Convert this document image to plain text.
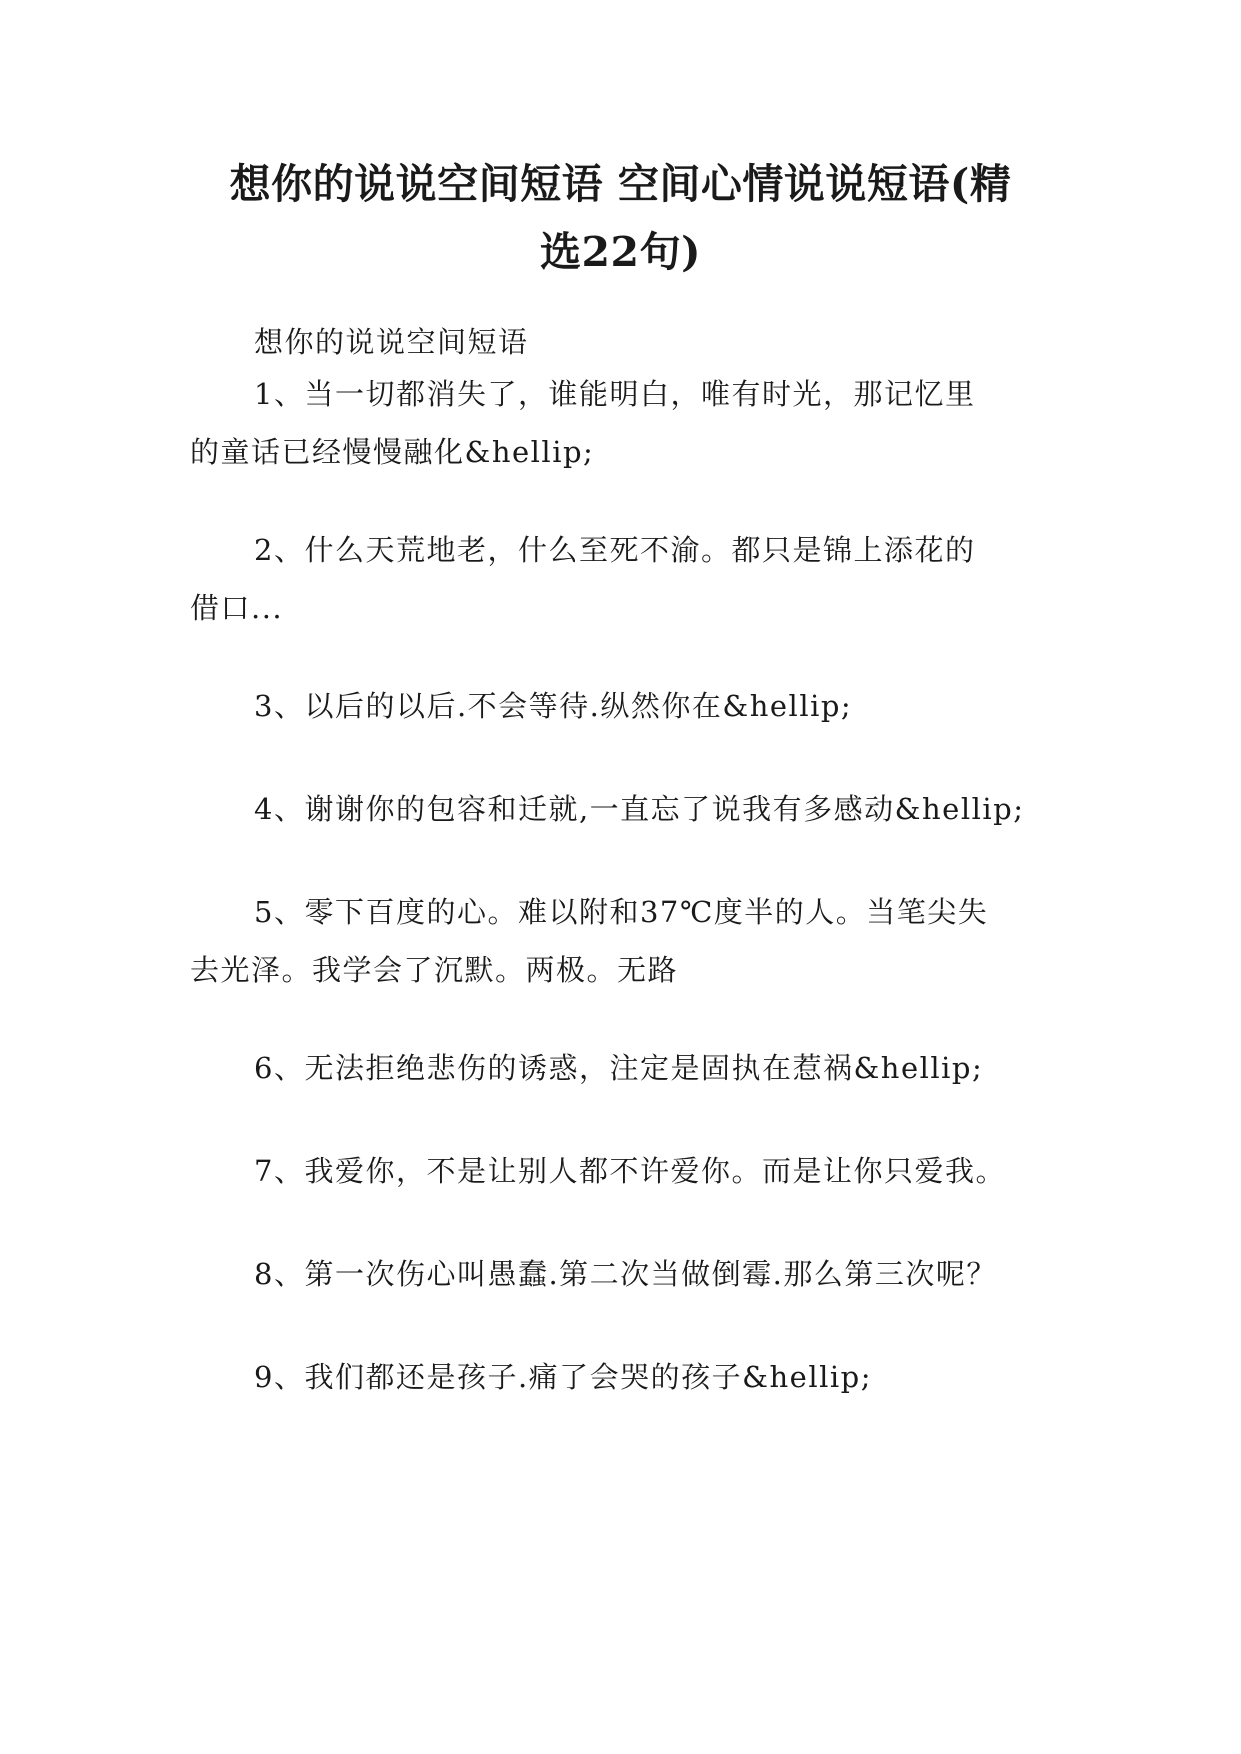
想你的说说空间短语 空间心情说说短语(精
选22句)
想你的说说空间短语
1、当一切都消失了，谁能明白，唯有时光，那记忆里
的童话已经慢慢融化&hellip;
2、什么天荒地老，什么至死不渝。都只是锦上添花的
借口...
3、以后的以后.不会等待.纵然你在&hellip;
4、谢谢你的包容和迁就,一直忘了说我有多感动&hellip;
5、零下百度的心。难以附和37℃度半的人。当笔尖失
去光泽。我学会了沉默。两极。无路
6、无法拒绝悲伤的诱惑，注定是固执在惹祸&hellip;
7、我爱你，不是让别人都不许爱你。而是让你只爱我。
8、第一次伤心叫愚蠢.第二次当做倒霉.那么第三次呢？
9、我们都还是孩子.痛了会哭的孩子&hellip;
